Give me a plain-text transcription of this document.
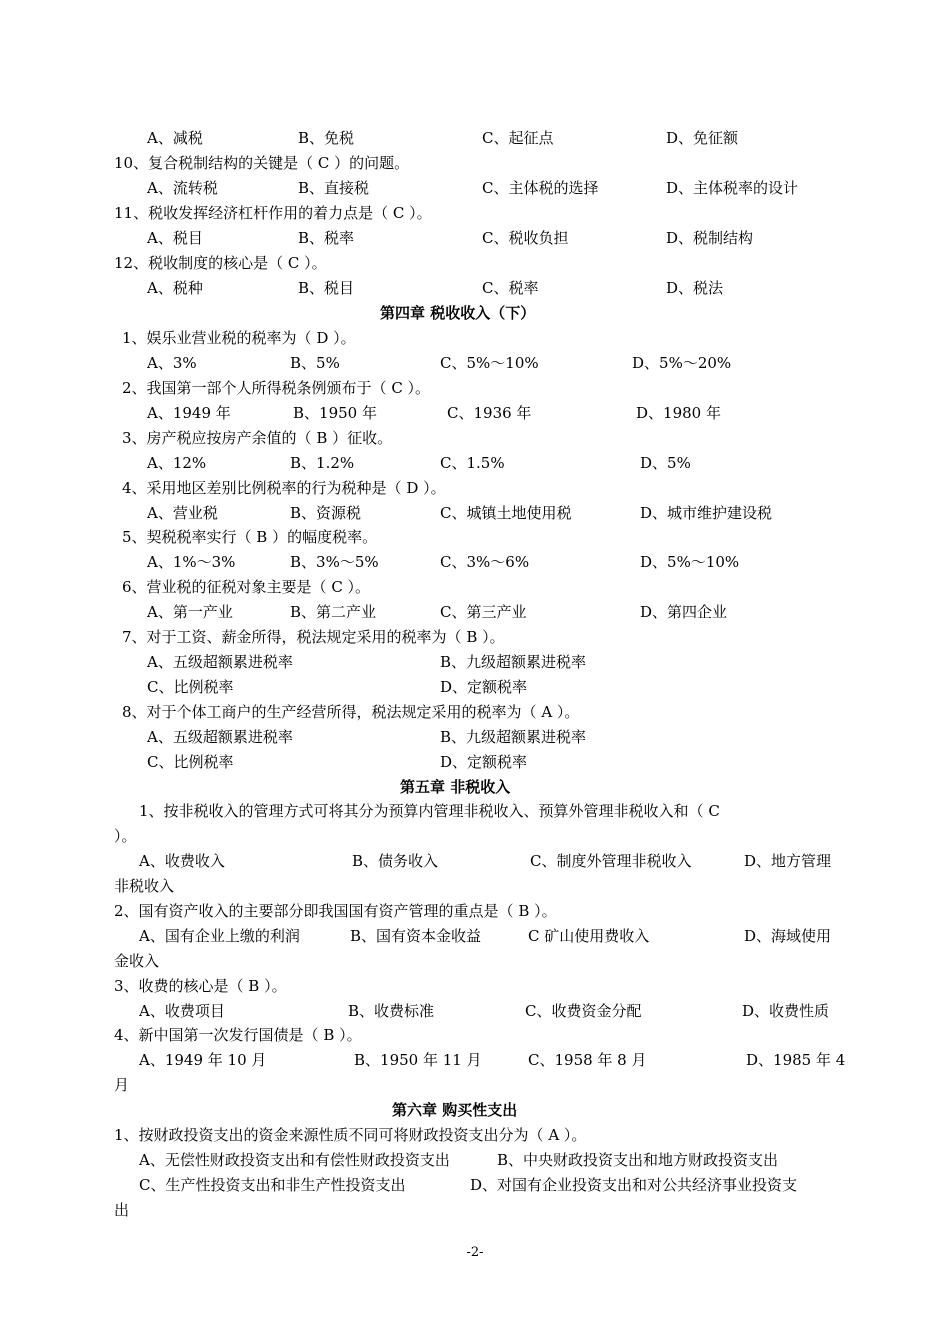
A、减税	B、免税	C、起征点	D、免征额
10、复合税制结构的关键是（ C ）的问题。
A、流转税	B、直接税	C、主体税的选择	D、主体税率的设计
11、税收发挥经济杠杆作用的着力点是（ C ）。
A、税目	B、税率	C、税收负担	D、税制结构
12、税收制度的核心是（ C ）。
A、税种	B、税目	C、税率	D、税法
第四章 税收收入（下）
1、娱乐业营业税的税率为（ D ）。
A、3%	B、5%	C、5%～10%	D、5%～20%
2、我国第一部个人所得税条例颁布于（ C ）。
A、1949 年	B、1950 年	C、1936 年	D、1980 年
3、房产税应按房产余值的（ B ）征收。
A、12%	B、1.2%	C、1.5%	D、5%
4、采用地区差别比例税率的行为税种是（ D ）。
A、营业税	B、资源税	C、城镇土地使用税	D、城市维护建设税
5、契税税率实行（ B ）的幅度税率。
A、1%～3%	B、3%～5%	C、3%～6%	D、5%～10%
6、营业税的征税对象主要是（ C ）。
A、第一产业	B、第二产业	C、第三产业	D、第四企业
7、对于工资、薪金所得，税法规定采用的税率为（ B ）。
A、五级超额累进税率	B、九级超额累进税率
C、比例税率	D、定额税率
8、对于个体工商户的生产经营所得，税法规定采用的税率为（ A ）。
A、五级超额累进税率	B、九级超额累进税率
C、比例税率	D、定额税率
第五章 非税收入
1、按非税收入的管理方式可将其分为预算内管理非税收入、预算外管理非税收入和（ C
）。
A、收费收入	B、债务收入	C、制度外管理非税收入	D、地方管理
非税收入
2、国有资产收入的主要部分即我国国有资产管理的重点是（ B ）。
A、国有企业上缴的利润	B、国有资本金收益	C 矿山使用费收入	D、海域使用
金收入
3、收费的核心是（ B ）。
A、收费项目	B、收费标准	C、收费资金分配	D、收费性质
4、新中国第一次发行国债是（ B ）。
A、1949 年 10 月	B、1950 年 11 月	C、1958 年 8 月	D、1985 年 4
月
第六章 购买性支出
1、按财政投资支出的资金来源性质不同可将财政投资支出分为（ A ）。
A、无偿性财政投资支出和有偿性财政投资支出	B、中央财政投资支出和地方财政投资支出
C、生产性投资支出和非生产性投资支出	D、对国有企业投资支出和对公共经济事业投资支
出
-2-
